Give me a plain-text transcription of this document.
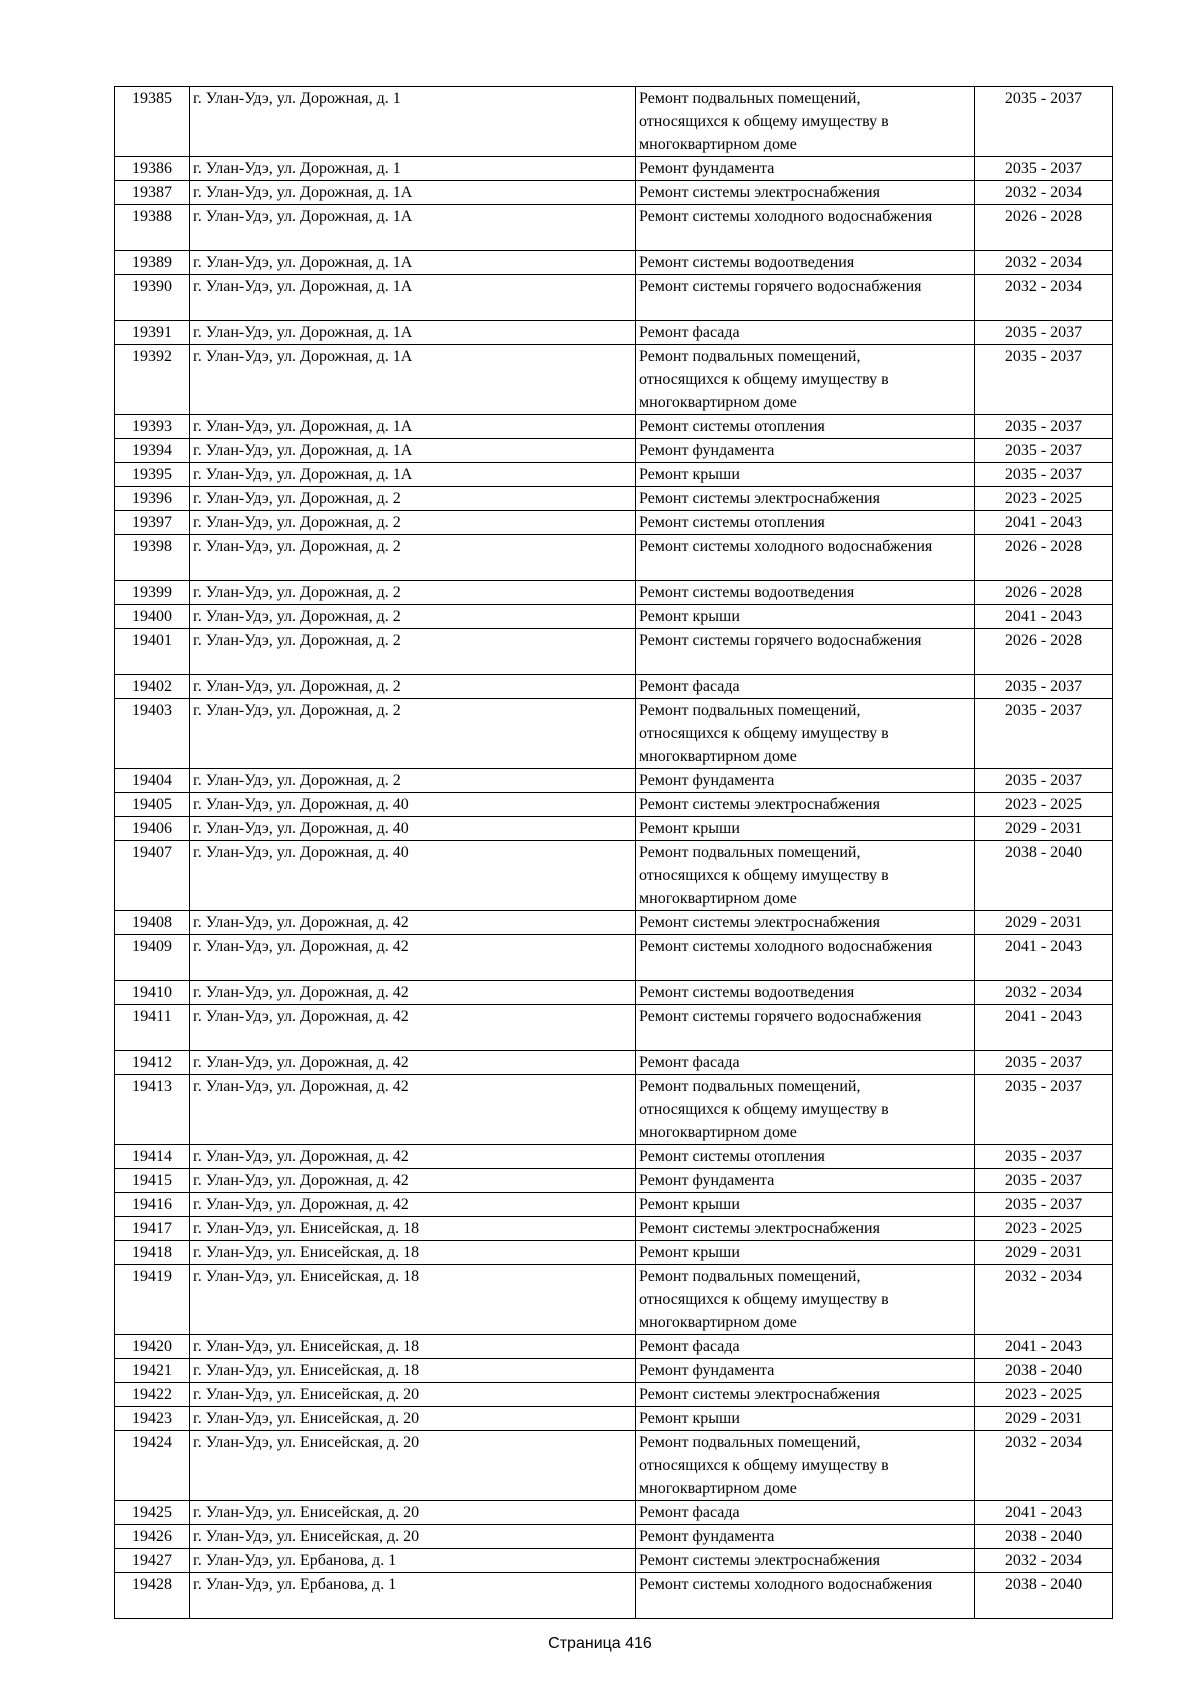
19385	г. Улан-Удэ, ул. Дорожная, д. 1	Ремонт подвальных помещений,
относящихся к общему имуществу в
многоквартирном доме	2035 - 2037
19386	г. Улан-Удэ, ул. Дорожная, д. 1	Ремонт фундамента	2035 - 2037
19387	г. Улан-Удэ, ул. Дорожная, д. 1А	Ремонт системы электроснабжения	2032 - 2034
19388	г. Улан-Удэ, ул. Дорожная, д. 1А	Ремонт системы холодного водоснабжения	2026 - 2028
19389	г. Улан-Удэ, ул. Дорожная, д. 1А	Ремонт системы водоотведения	2032 - 2034
19390	г. Улан-Удэ, ул. Дорожная, д. 1А	Ремонт системы горячего водоснабжения	2032 - 2034
19391	г. Улан-Удэ, ул. Дорожная, д. 1А	Ремонт фасада	2035 - 2037
19392	г. Улан-Удэ, ул. Дорожная, д. 1А	Ремонт подвальных помещений,
относящихся к общему имуществу в
многоквартирном доме	2035 - 2037
19393	г. Улан-Удэ, ул. Дорожная, д. 1А	Ремонт системы отопления	2035 - 2037
19394	г. Улан-Удэ, ул. Дорожная, д. 1А	Ремонт фундамента	2035 - 2037
19395	г. Улан-Удэ, ул. Дорожная, д. 1А	Ремонт крыши	2035 - 2037
19396	г. Улан-Удэ, ул. Дорожная, д. 2	Ремонт системы электроснабжения	2023 - 2025
19397	г. Улан-Удэ, ул. Дорожная, д. 2	Ремонт системы отопления	2041 - 2043
19398	г. Улан-Удэ, ул. Дорожная, д. 2	Ремонт системы холодного водоснабжения	2026 - 2028
19399	г. Улан-Удэ, ул. Дорожная, д. 2	Ремонт системы водоотведения	2026 - 2028
19400	г. Улан-Удэ, ул. Дорожная, д. 2	Ремонт крыши	2041 - 2043
19401	г. Улан-Удэ, ул. Дорожная, д. 2	Ремонт системы горячего водоснабжения	2026 - 2028
19402	г. Улан-Удэ, ул. Дорожная, д. 2	Ремонт фасада	2035 - 2037
19403	г. Улан-Удэ, ул. Дорожная, д. 2	Ремонт подвальных помещений,
относящихся к общему имуществу в
многоквартирном доме	2035 - 2037
19404	г. Улан-Удэ, ул. Дорожная, д. 2	Ремонт фундамента	2035 - 2037
19405	г. Улан-Удэ, ул. Дорожная, д. 40	Ремонт системы электроснабжения	2023 - 2025
19406	г. Улан-Удэ, ул. Дорожная, д. 40	Ремонт крыши	2029 - 2031
19407	г. Улан-Удэ, ул. Дорожная, д. 40	Ремонт подвальных помещений,
относящихся к общему имуществу в
многоквартирном доме	2038 - 2040
19408	г. Улан-Удэ, ул. Дорожная, д. 42	Ремонт системы электроснабжения	2029 - 2031
19409	г. Улан-Удэ, ул. Дорожная, д. 42	Ремонт системы холодного водоснабжения	2041 - 2043
19410	г. Улан-Удэ, ул. Дорожная, д. 42	Ремонт системы водоотведения	2032 - 2034
19411	г. Улан-Удэ, ул. Дорожная, д. 42	Ремонт системы горячего водоснабжения	2041 - 2043
19412	г. Улан-Удэ, ул. Дорожная, д. 42	Ремонт фасада	2035 - 2037
19413	г. Улан-Удэ, ул. Дорожная, д. 42	Ремонт подвальных помещений,
относящихся к общему имуществу в
многоквартирном доме	2035 - 2037
19414	г. Улан-Удэ, ул. Дорожная, д. 42	Ремонт системы отопления	2035 - 2037
19415	г. Улан-Удэ, ул. Дорожная, д. 42	Ремонт фундамента	2035 - 2037
19416	г. Улан-Удэ, ул. Дорожная, д. 42	Ремонт крыши	2035 - 2037
19417	г. Улан-Удэ, ул. Енисейская, д. 18	Ремонт системы электроснабжения	2023 - 2025
19418	г. Улан-Удэ, ул. Енисейская, д. 18	Ремонт крыши	2029 - 2031
19419	г. Улан-Удэ, ул. Енисейская, д. 18	Ремонт подвальных помещений,
относящихся к общему имуществу в
многоквартирном доме	2032 - 2034
19420	г. Улан-Удэ, ул. Енисейская, д. 18	Ремонт фасада	2041 - 2043
19421	г. Улан-Удэ, ул. Енисейская, д. 18	Ремонт фундамента	2038 - 2040
19422	г. Улан-Удэ, ул. Енисейская, д. 20	Ремонт системы электроснабжения	2023 - 2025
19423	г. Улан-Удэ, ул. Енисейская, д. 20	Ремонт крыши	2029 - 2031
19424	г. Улан-Удэ, ул. Енисейская, д. 20	Ремонт подвальных помещений,
относящихся к общему имуществу в
многоквартирном доме	2032 - 2034
19425	г. Улан-Удэ, ул. Енисейская, д. 20	Ремонт фасада	2041 - 2043
19426	г. Улан-Удэ, ул. Енисейская, д. 20	Ремонт фундамента	2038 - 2040
19427	г. Улан-Удэ, ул. Ербанова, д. 1	Ремонт системы электроснабжения	2032 - 2034
19428	г. Улан-Удэ, ул. Ербанова, д. 1	Ремонт системы холодного водоснабжения	2038 - 2040
Страница 416
